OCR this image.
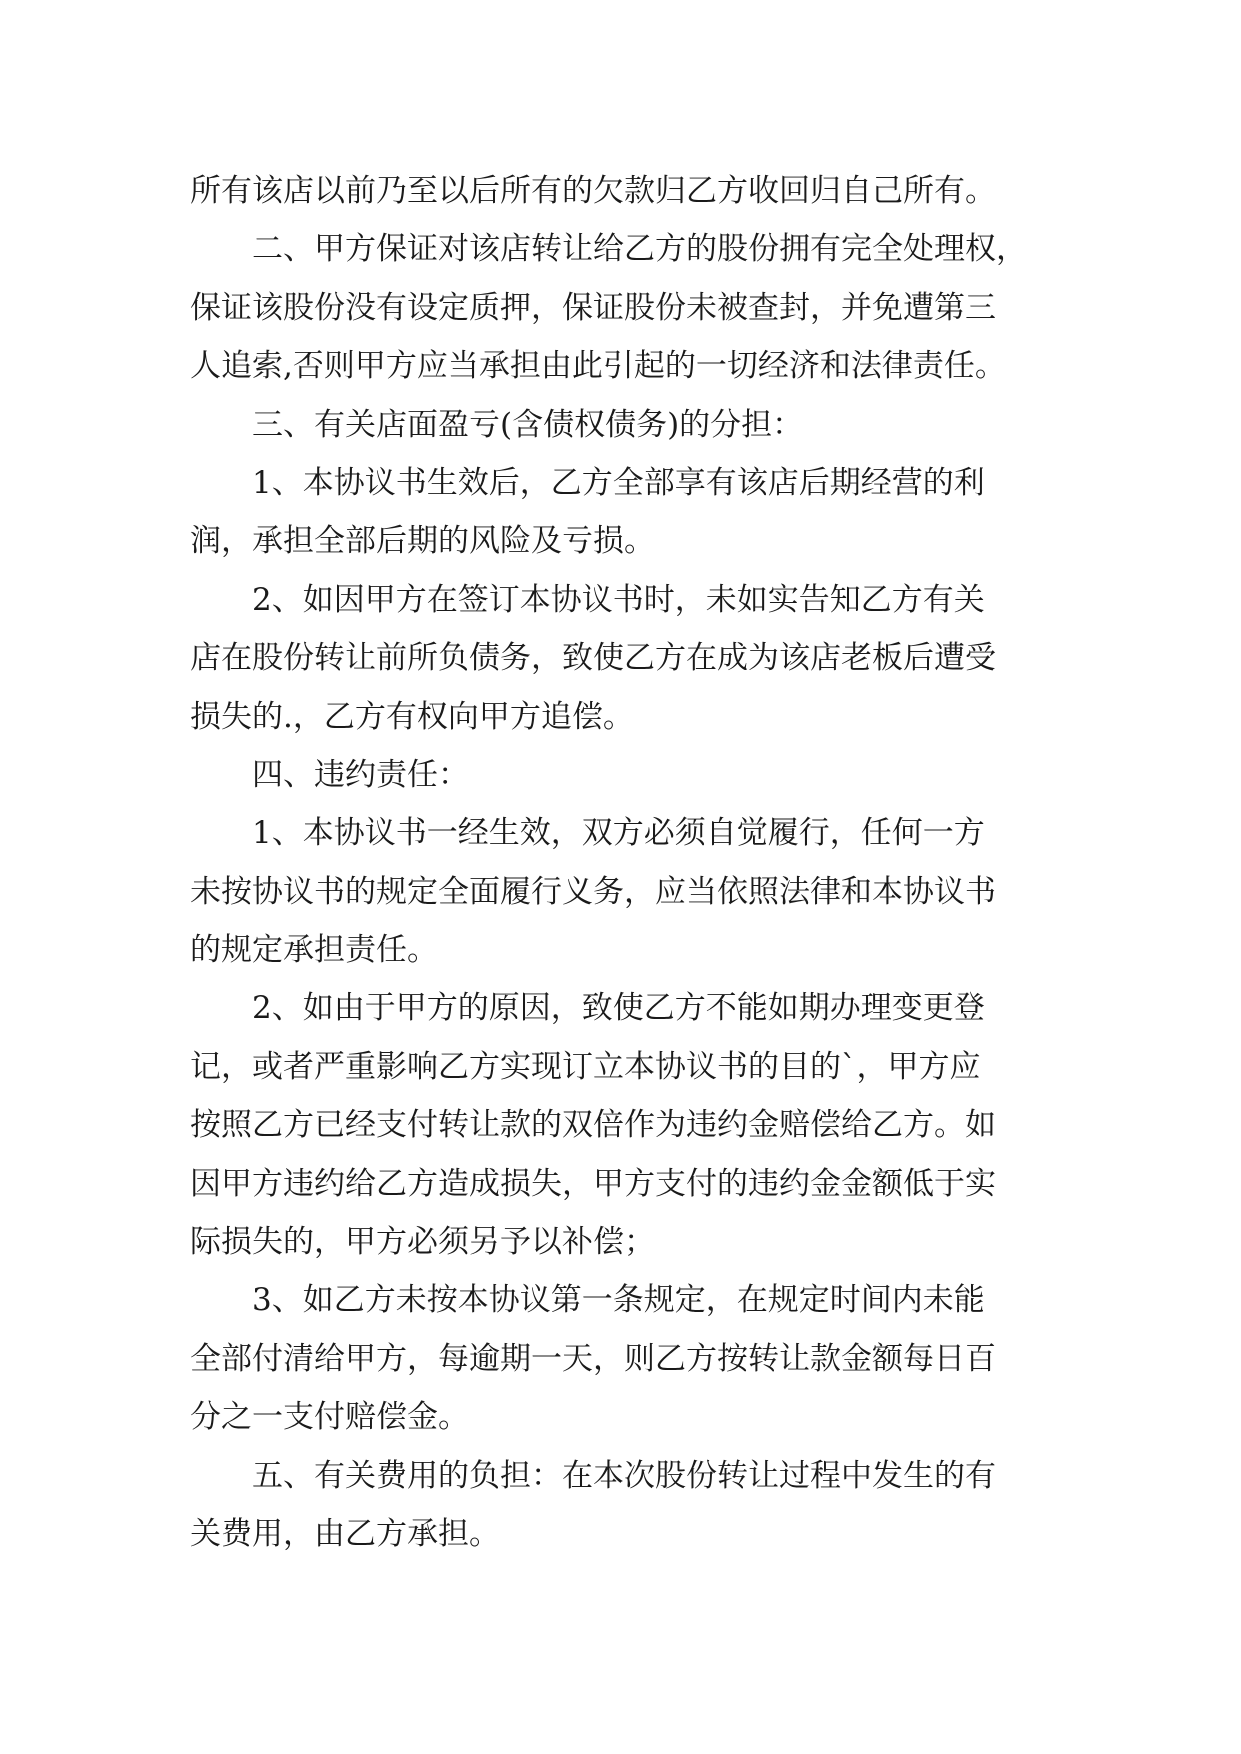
所有该店以前乃至以后所有的欠款归乙方收回归自己所有。
二、甲方保证对该店转让给乙方的股份拥有完全处理权，
保证该股份没有设定质押，保证股份未被查封，并免遭第三
人追索,否则甲方应当承担由此引起的一切经济和法律责任。
三、有关店面盈亏(含债权债务)的分担：
1、本协议书生效后，乙方全部享有该店后期经营的利
润，承担全部后期的风险及亏损。
2、如因甲方在签订本协议书时，未如实告知乙方有关
店在股份转让前所负债务，致使乙方在成为该店老板后遭受
损失的.，乙方有权向甲方追偿。
四、违约责任：
1、本协议书一经生效，双方必须自觉履行，任何一方
未按协议书的规定全面履行义务，应当依照法律和本协议书
的规定承担责任。
2、如由于甲方的原因，致使乙方不能如期办理变更登
记，或者严重影响乙方实现订立本协议书的目的`，甲方应
按照乙方已经支付转让款的双倍作为违约金赔偿给乙方。如
因甲方违约给乙方造成损失，甲方支付的违约金金额低于实
际损失的，甲方必须另予以补偿；
3、如乙方未按本协议第一条规定，在规定时间内未能
全部付清给甲方，每逾期一天，则乙方按转让款金额每日百
分之一支付赔偿金。
五、有关费用的负担：在本次股份转让过程中发生的有
关费用，由乙方承担。
